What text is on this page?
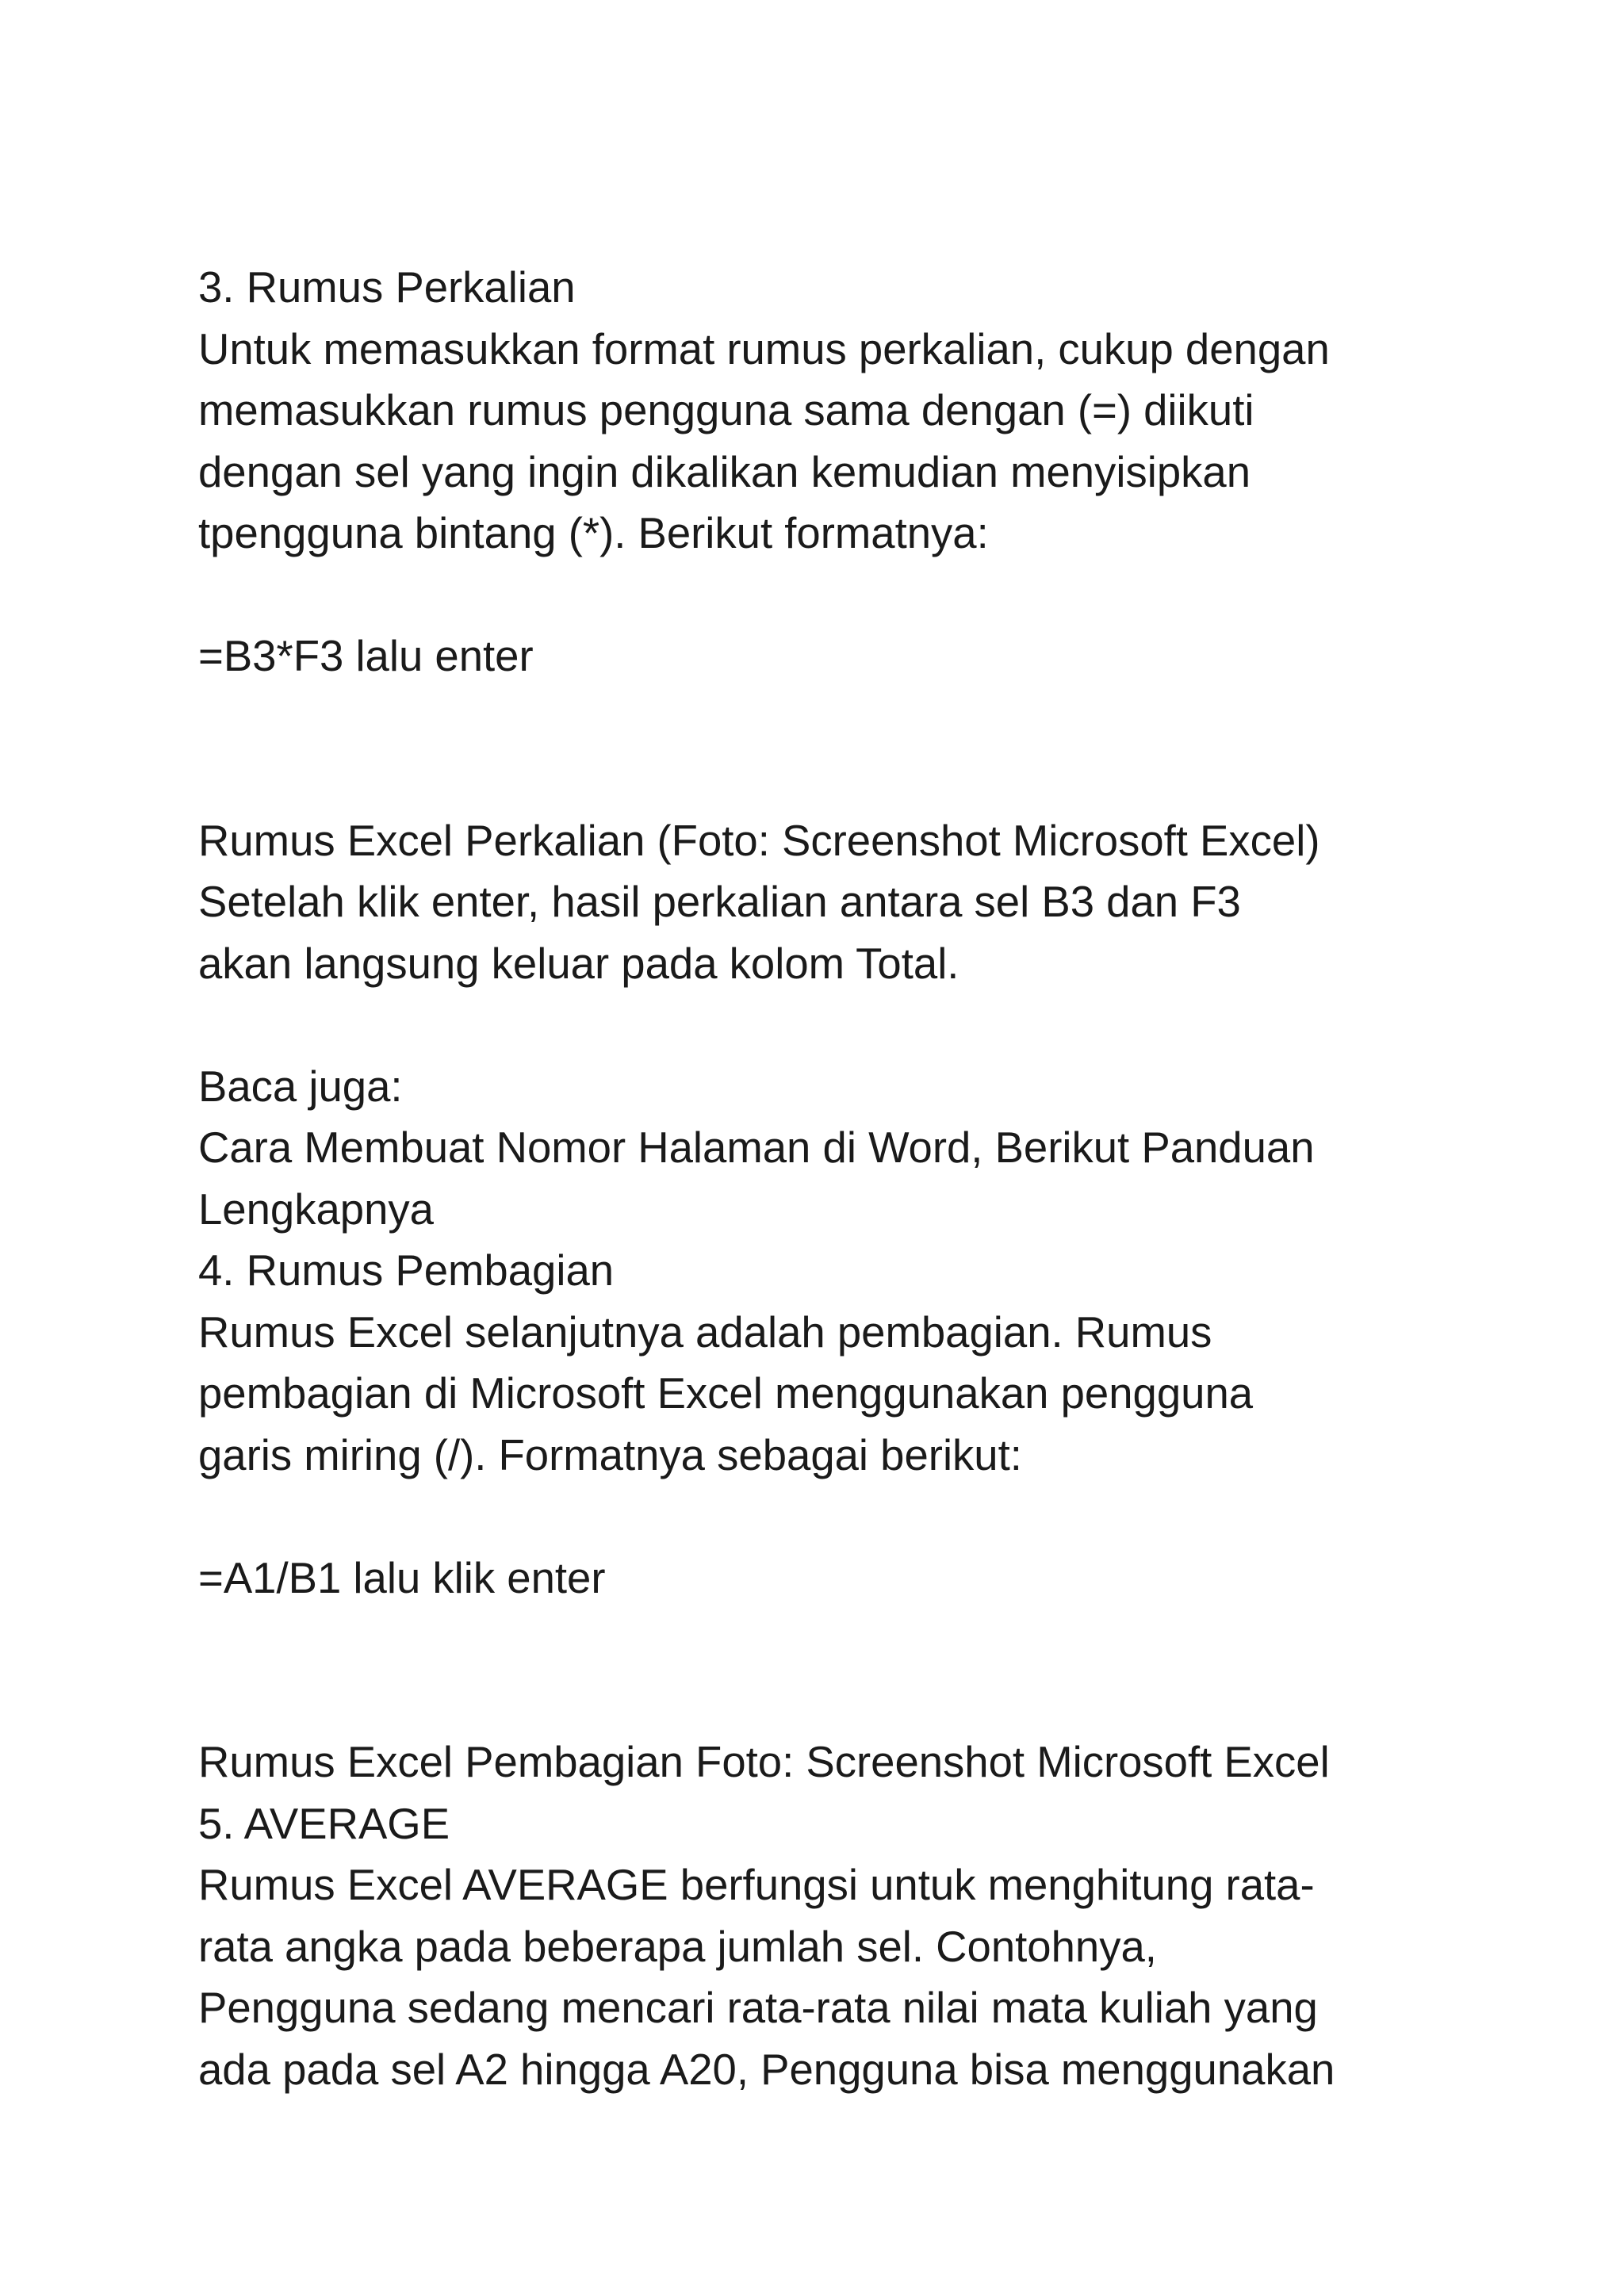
3. Rumus Perkalian
Untuk memasukkan format rumus perkalian, cukup dengan
memasukkan rumus pengguna sama dengan (=) diikuti
dengan sel yang ingin dikalikan kemudian menyisipkan
tpengguna bintang (*). Berikut formatnya:
=B3*F3 lalu enter
Rumus Excel Perkalian (Foto: Screenshot Microsoft Excel)
Setelah klik enter, hasil perkalian antara sel B3 dan F3
akan langsung keluar pada kolom Total.
Baca juga:
Cara Membuat Nomor Halaman di Word, Berikut Panduan
Lengkapnya
4. Rumus Pembagian
Rumus Excel selanjutnya adalah pembagian. Rumus
pembagian di Microsoft Excel menggunakan pengguna
garis miring (/). Formatnya sebagai berikut:
=A1/B1 lalu klik enter
Rumus Excel Pembagian Foto: Screenshot Microsoft Excel
5. AVERAGE
Rumus Excel AVERAGE berfungsi untuk menghitung rata-
rata angka pada beberapa jumlah sel. Contohnya,
Pengguna sedang mencari rata-rata nilai mata kuliah yang
ada pada sel A2 hingga A20, Pengguna bisa menggunakan
